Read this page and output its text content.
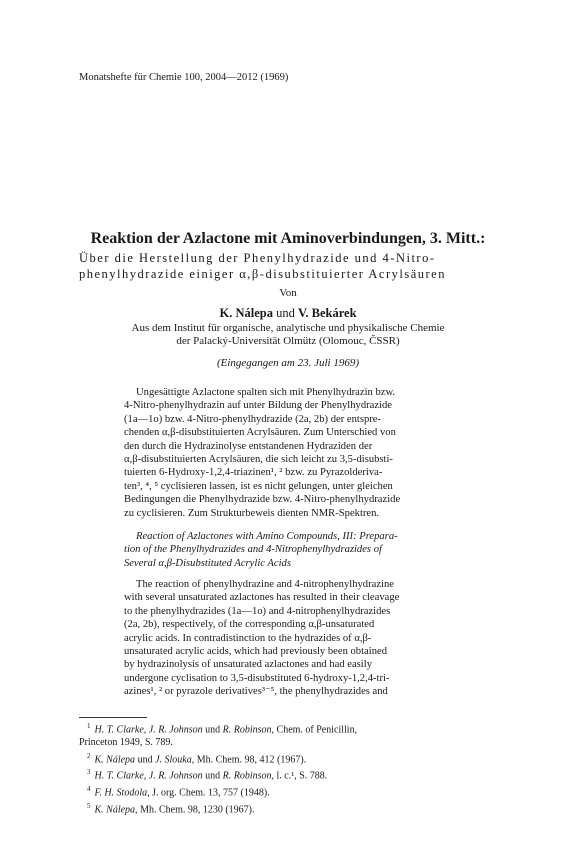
Monatshefte für Chemie 100, 2004—2012 (1969)
Reaktion der Azlactone mit Aminoverbindungen, 3. Mitt.:
Über die Herstellung der Phenylhydrazide und 4-Nitro-
phenylhydrazide einiger α,β-disubstituierter Acrylsäuren
Von
K. Nálepa und V. Bekárek
Aus dem Institut für organische, analytische und physikalische Chemie
der Palacký-Universität Olmütz (Olomouc, ČSSR)
(Eingegangen am 23. Juli 1969)
Ungesättigte Azlactone spalten sich mit Phenylhydrazin bzw.
4-Nitro-phenylhydrazin auf unter Bildung der Phenylhydrazide
(1a—1o) bzw. 4-Nitro-phenylhydrazide (2a, 2b) der entspre-
chenden α,β-disubstituierten Acrylsäuren. Zum Unterschied von
den durch die Hydrazinolyse entstandenen Hydraziden der
α,β-disubstituierten Acrylsäuren, die sich leicht zu 3,5-disubsti-
tuierten 6-Hydroxy-1,2,4-triazinen¹, ² bzw. zu Pyrazolderiva-
ten³, ⁴, ⁵ cyclisieren lassen, ist es nicht gelungen, unter gleichen
Bedingungen die Phenylhydrazide bzw. 4-Nitro-phenylhydrazide
zu cyclisieren. Zum Strukturbeweis dienten NMR-Spektren.
Reaction of Azlactones with Amino Compounds, III: Prepara-
tion of the Phenylhydrazides and 4-Nitrophenylhydrazides of
Several α,β-Disubstituted Acrylic Acids
The reaction of phenylhydrazine and 4-nitrophenylhydrazine
with several unsaturated azlactones has resulted in their cleavage
to the phenylhydrazides (1a—1o) and 4-nitrophenylhydrazides
(2a, 2b), respectively, of the corresponding α,β-unsaturated
acrylic acids. In contradistinction to the hydrazides of α,β-
unsaturated acrylic acids, which had previously been obtained
by hydrazinolysis of unsaturated azlactones and had easily
undergone cyclisation to 3,5-disubstituted 6-hydroxy-1,2,4-tri-
azines¹, ² or pyrazole derivatives³⁻⁵, the phenylhydrazides and
$^1$ H. T. Clarke, J. R. Johnson und R. Robinson, Chem. of Penicillin,
Princeton 1949, S. 789.
$^2$ K. Nálepa und J. Slouka, Mh. Chem. 98, 412 (1967).
$^3$ H. T. Clarke, J. R. Johnson und R. Robinson, l. c.¹, S. 788.
$^4$ F. H. Stodola, J. org. Chem. 13, 757 (1948).
$^5$ K. Nálepa, Mh. Chem. 98, 1230 (1967).
